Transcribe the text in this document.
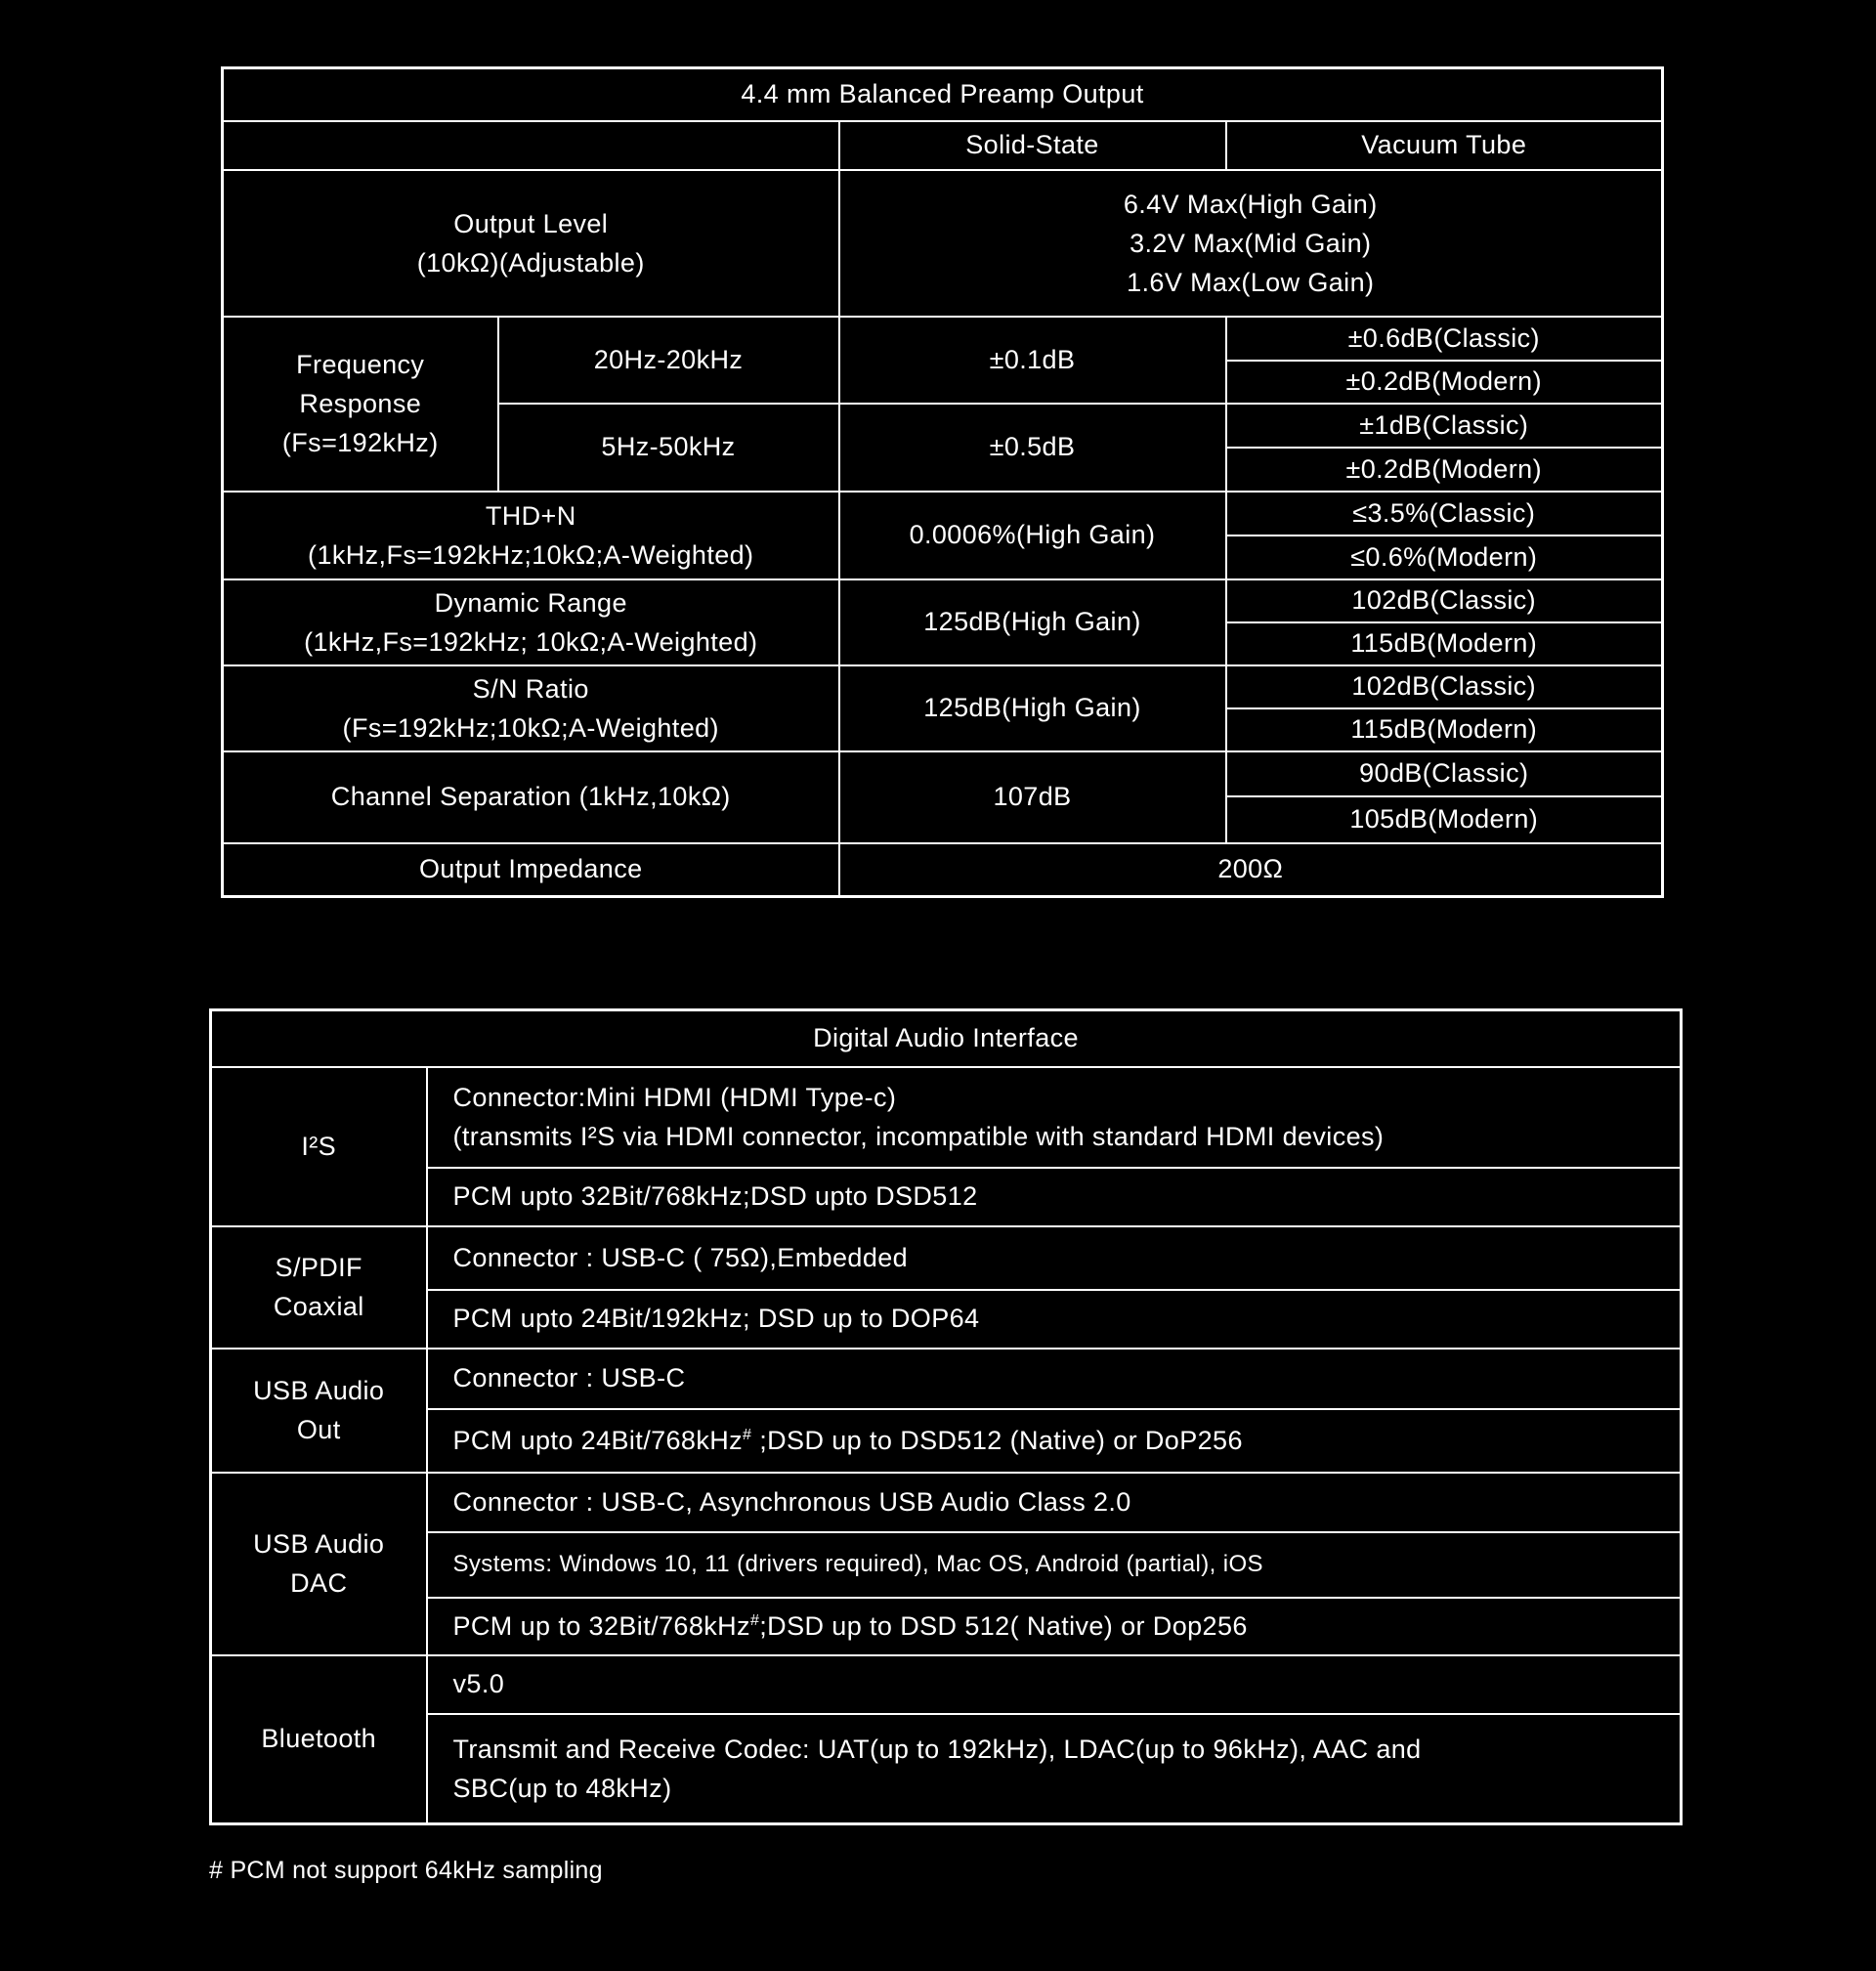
4.4 mm Balanced Preamp Output			
		Solid-State	Vacuum Tube

Output Level
(10kΩ)(Adjustable)

6.4V Max(High Gain)
3.2V Max(Mid Gain)
1.6V Max(Low Gain)

Frequency
Response
(Fs=192kHz)	20Hz-20kHz	±0.1dB	±0.6dB(Classic)
			±0.2dB(Modern)
	5Hz-50kHz	±0.5dB	±1dB(Classic)
			±0.2dB(Modern)

THD+N
(1kHz,Fs=192kHz;10kΩ;A-Weighted)		0.0006%(High Gain)	≤3.5%(Classic)
			≤0.6%(Modern)

Dynamic Range
(1kHz,Fs=192kHz; 10kΩ;A-Weighted)		125dB(High Gain)	102dB(Classic)
			115dB(Modern)

S/N Ratio
(Fs=192kHz;10kΩ;A-Weighted)		125dB(High Gain)	102dB(Classic)
			115dB(Modern)
Channel Separation (1kHz,10kΩ)		107dB	90dB(Classic)
			105dB(Modern)
Output Impedance		200Ω	
Digital Audio Interface	
I²S	Connector:Mini HDMI (HDMI Type-c)
(transmits I²S via HDMI connector, incompatible with standard HDMI devices)

	PCM upto 32Bit/768kHz;DSD upto DSD512

S/PDIF
Coaxial	Connector : USB-C ( 75Ω),Embedded
	PCM upto 24Bit/192kHz; DSD up to DOP64

USB Audio
Out	Connector : USB-C
	PCM upto 24Bit/768kHz# ;DSD up to DSD512 (Native) or DoP256

USB Audio
DAC	Connector : USB-C, Asynchronous USB Audio Class 2.0
	Systems: Windows 10, 11 (drivers required), Mac OS, Android (partial), iOS
	PCM up to 32Bit/768kHz#;DSD up to DSD 512( Native) or Dop256
Bluetooth	v5.0

	Transmit and Receive Codec: UAT(up to 192kHz), LDAC(up to 96kHz), AAC and
SBC(up to 48kHz)
# PCM not support 64kHz sampling
